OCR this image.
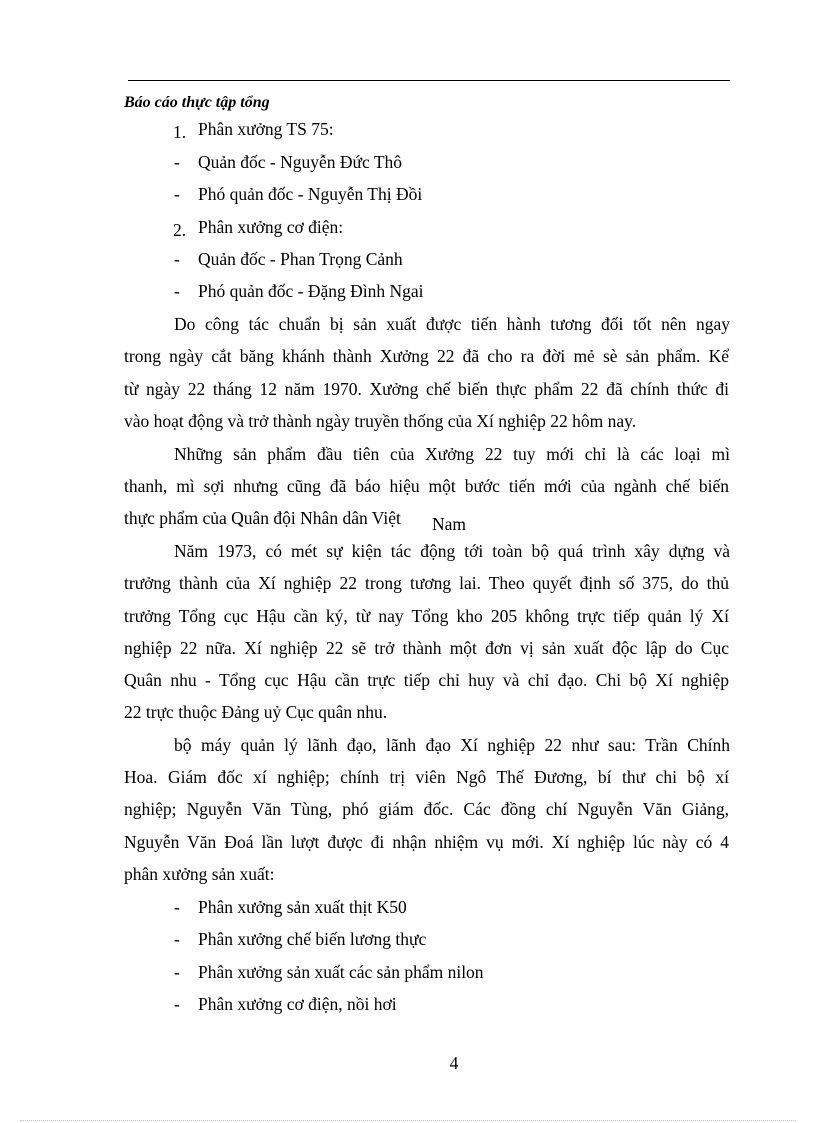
Báo cáo thực tập tổng
1. Phân xưởng TS 75:
- Quản đốc - Nguyễn Đức Thô
- Phó quản đốc - Nguyễn Thị Đồi
2. Phân xưởng cơ điện:
- Quản đốc - Phan Trọng Cảnh
- Phó quản đốc - Đặng Đình Ngai
Do công tác chuẩn bị sản xuất được tiến hành tương đối tốt nên ngay
trong ngày cắt băng khánh thành Xưởng 22 đã cho ra đời mẻ sè sản phẩm. Kể
từ ngày 22 tháng 12 năm 1970. Xưởng chế biến thực phẩm 22 đã chính thức đi
vào hoạt động và trở thành ngày truyền thống của Xí nghiệp 22 hôm nay.
Những sản phẩm đầu tiên của Xưởng 22 tuy mới chỉ là các loại mì
thanh, mì sợi nhưng cũng đã báo hiệu một bước tiến mới của ngành chế biến
thực phẩm của Quân đội Nhân dân Việt Nam
Năm 1973, có mét sự kiện tác động tới toàn bộ quá trình xây dựng và
trưởng thành của Xí nghiệp 22 trong tương lai. Theo quyết định số 375, do thủ
trưởng Tổng cục Hậu cần ký, từ nay Tổng kho 205 không trực tiếp quản lý Xí
nghiệp 22 nữa. Xí nghiệp 22 sẽ trở thành một đơn vị sản xuất độc lập do Cục
Quân nhu - Tổng cục Hậu cần trực tiếp chỉ huy và chỉ đạo. Chi bộ Xí nghiệp
22 trực thuộc Đảng uỷ Cục quân nhu.
bộ máy quản lý lãnh đạo, lãnh đạo Xí nghiệp 22 như sau: Trần Chính
Hoa. Giám đốc xí nghiệp; chính trị viên Ngô Thế Đương, bí thư chi bộ xí
nghiệp; Nguyễn Văn Tùng, phó giám đốc. Các đồng chí Nguyễn Văn Giảng,
Nguyễn Văn Đoá lần lượt được đi nhận nhiệm vụ mới. Xí nghiệp lúc này có 4
phân xưởng sản xuất:
- Phân xưởng sản xuất thịt K50
- Phân xưởng chế biến lương thực
- Phân xưởng sản xuất các sản phẩm nilon
- Phân xưởng cơ điện, nồi hơi
4
